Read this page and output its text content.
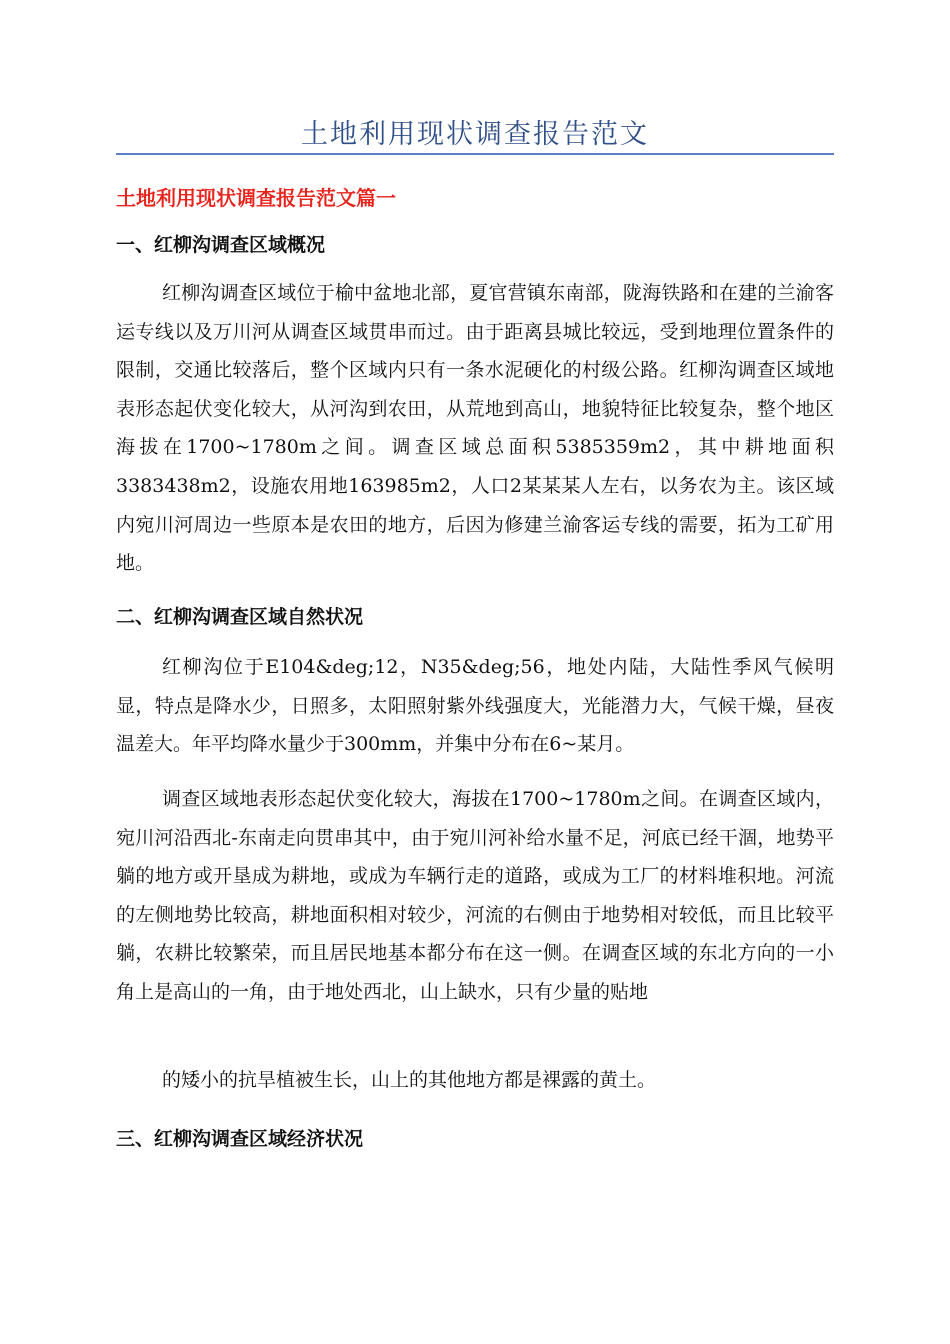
土地利用现状调查报告范文
土地利用现状调查报告范文篇一
一、红柳沟调查区域概况

红柳沟调查区域位于榆中盆地北部，夏官营镇东南部，陇海铁路和在建的兰渝客运专线以及万川河从调查区域贯串而过。由于距离县城比较远，受到地理位置条件的限制，交通比较落后，整个区域内只有一条水泥硬化的村级公路。红柳沟调查区域地表形态起伏变化较大，从河沟到农田，从荒地到高山，地貌特征比较复杂，整个地区海拔在1700~1780m之间。调查区域总面积5385359m2，其中耕地面积3383438m2，设施农用地163985m2，人口2某某某人左右，以务农为主。该区域内宛川河周边一些原本是农田的地方，后因为修建兰渝客运专线的需要，拓为工矿用地。

二、红柳沟调查区域自然状况

红柳沟位于E104&deg;12，N35&deg;56，地处内陆，大陆性季风气候明显，特点是降水少，日照多，太阳照射紫外线强度大，光能潜力大，气候干燥，昼夜温差大。年平均降水量少于300mm，并集中分布在6~某月。

调查区域地表形态起伏变化较大，海拔在1700~1780m之间。在调查区域内，宛川河沿西北-东南走向贯串其中，由于宛川河补给水量不足，河底已经干涸，地势平躺的地方或开垦成为耕地，或成为车辆行走的道路，或成为工厂的材料堆积地。河流的左侧地势比较高，耕地面积相对较少，河流的右侧由于地势相对较低，而且比较平躺，农耕比较繁荣，而且居民地基本都分布在这一侧。在调查区域的东北方向的一小角上是高山的一角，由于地处西北，山上缺水，只有少量的贴地

的矮小的抗旱植被生长，山上的其他地方都是裸露的黄土。

三、红柳沟调查区域经济状况
